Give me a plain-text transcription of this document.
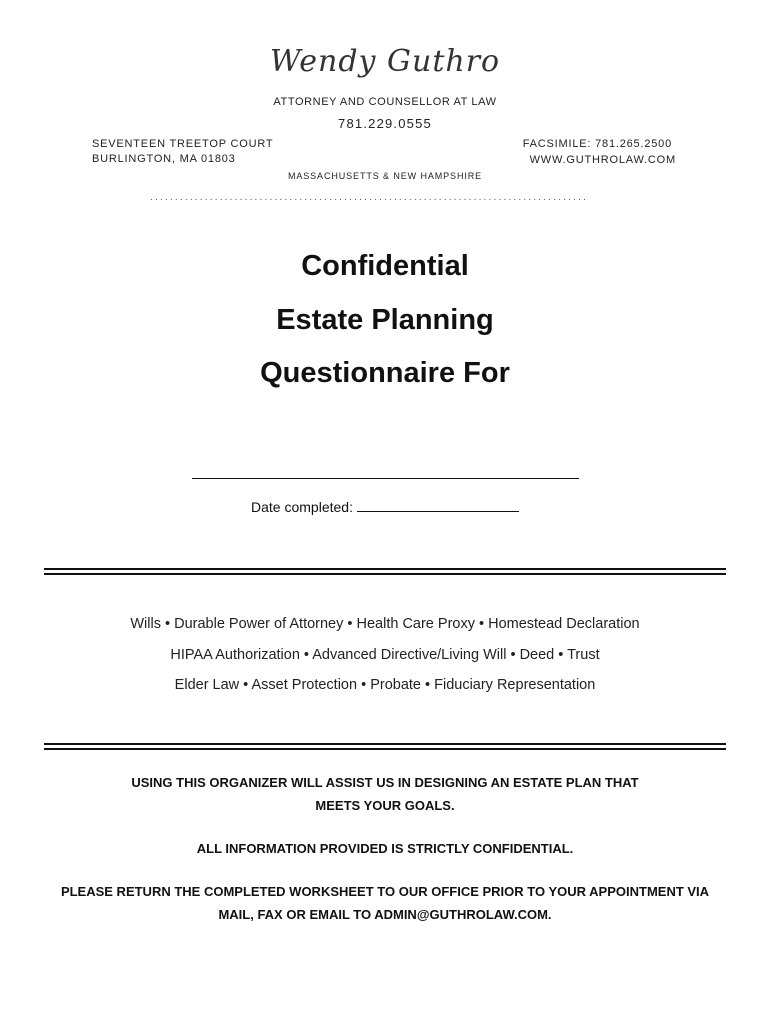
Wendy Guthro
ATTORNEY AND COUNSELLOR AT LAW
781.229.0555
SEVENTEEN TREETOP COURT
BURLINGTON, MA 01803
FACSIMILE: 781.265.2500
WWW.GUTHROLAW.COM
MASSACHUSETTS & NEW HAMPSHIRE
........................................................................................
Confidential
Estate Planning
Questionnaire For
Date completed:
Wills • Durable Power of Attorney • Health Care Proxy • Homestead Declaration
HIPAA Authorization • Advanced Directive/Living Will • Deed • Trust
Elder Law • Asset Protection • Probate • Fiduciary Representation
USING THIS ORGANIZER WILL ASSIST US IN DESIGNING AN ESTATE PLAN THAT
MEETS YOUR GOALS.
ALL INFORMATION PROVIDED IS STRICTLY CONFIDENTIAL.
PLEASE RETURN THE COMPLETED WORKSHEET TO OUR OFFICE PRIOR TO YOUR APPOINTMENT VIA
MAIL, FAX OR EMAIL TO ADMIN@GUTHROLAW.COM.
